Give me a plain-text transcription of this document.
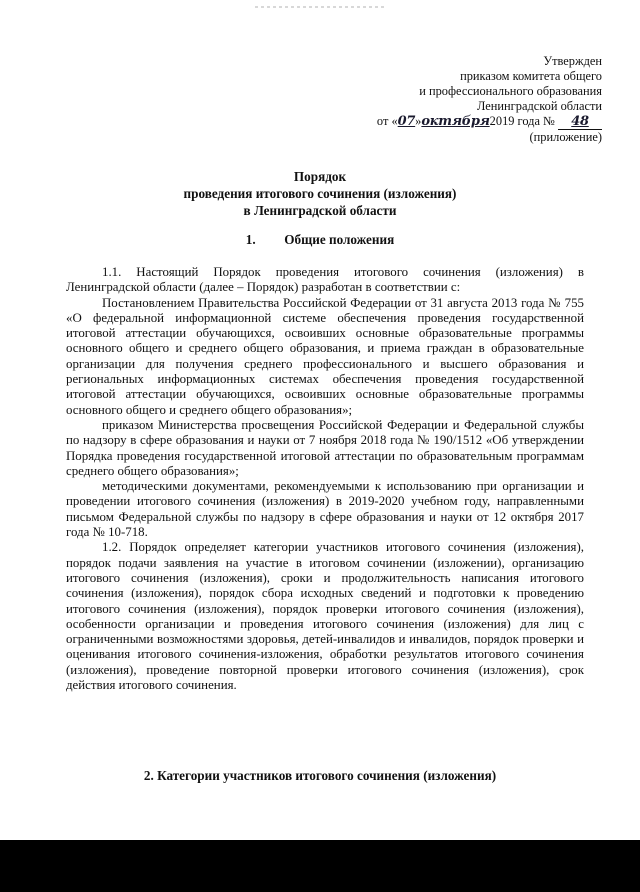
Утвержден
приказом комитета общего
и профессионального образования
Ленинградской области
от «07»октября2019 года № 48
(приложение)
Порядок
проведения итогового сочинения (изложения)
в Ленинградской области
1. Общие положения

1.1. Настоящий Порядок проведения итогового сочинения (изложения) в Ленинградской области (далее – Порядок) разработан в соответствии с:

Постановлением Правительства Российской Федерации от 31 августа 2013 года № 755 «О федеральной информационной системе обеспечения проведения государственной итоговой аттестации обучающихся, освоивших основные образовательные программы основного общего и среднего общего образования, и приема граждан в образовательные организации для получения среднего профессионального и высшего образования и региональных информационных системах обеспечения проведения государственной итоговой аттестации обучающихся, освоивших основные образовательные программы основного общего и среднего общего образования»;

приказом Министерства просвещения Российской Федерации и Федеральной службы по надзору в сфере образования и науки от 7 ноября 2018 года № 190/1512 «Об утверждении Порядка проведения государственной итоговой аттестации по образовательным программам среднего общего образования»;

методическими документами, рекомендуемыми к использованию при организации и проведении итогового сочинения (изложения) в 2019-2020 учебном году, направленными письмом Федеральной службы по надзору в сфере образования и науки от 12 октября 2017 года № 10-718.

1.2. Порядок определяет категории участников итогового сочинения (изложения), порядок подачи заявления на участие в итоговом сочинении (изложении), организацию итогового сочинения (изложения), сроки и продолжительность написания итогового сочинения (изложения), порядок сбора исходных сведений и подготовки к проведению итогового сочинения (изложения), порядок проверки итогового сочинения (изложения), особенности организации и проведения итогового сочинения (изложения) для лиц с ограниченными возможностями здоровья, детей-инвалидов и инвалидов, порядок проверки и оценивания итогового сочинения-изложения, обработки результатов итогового сочинения (изложения), проведение повторной проверки итогового сочинения (изложения), срок действия итогового сочинения.

2. Категории участников итогового сочинения (изложения)
